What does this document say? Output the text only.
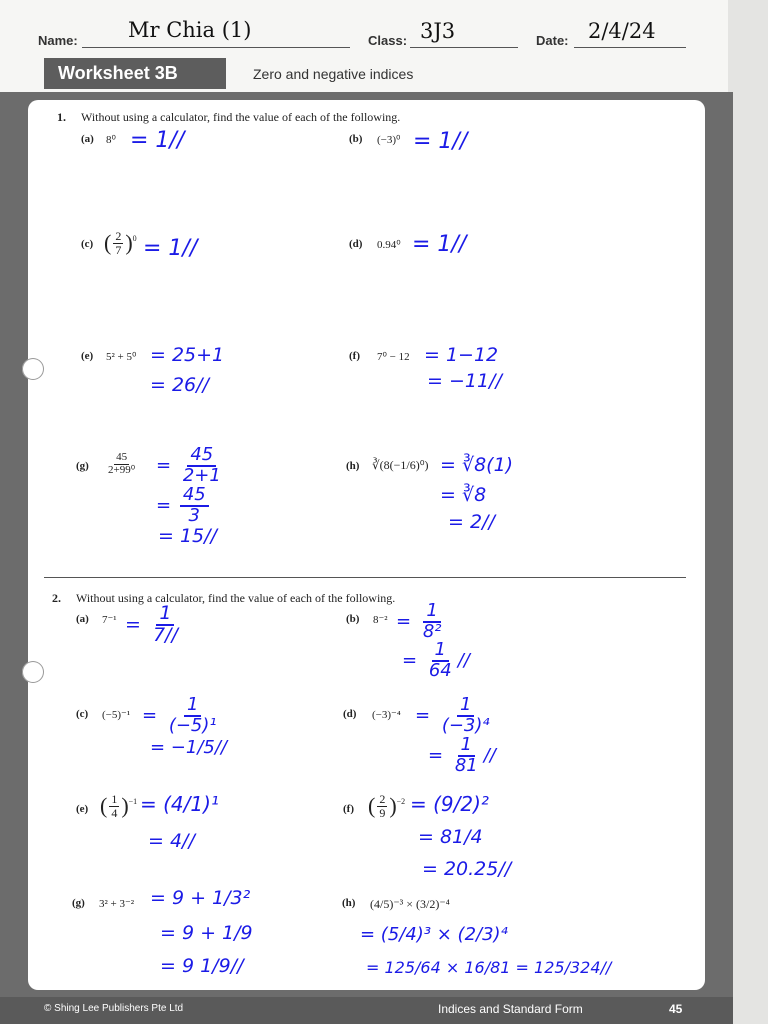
Name: Mr Chia (1)	Class: 3J3	Date: 2/4/24
Worksheet 3B	Zero and negative indices
1. Without using a calculator, find the value of each of the following.
(a) 8⁰ = 1//	(b) (−3)⁰ = 1//
(c) ( $\frac{2}{7} )^0 = 1//$	(d) 0.94⁰ = 1//
(e) 5² + 5⁰ = 25+1
= 26//
(f) 7⁰ − 12 = 1−12
= −11//
$(g) \frac{45}{\text{2+99⁰}} = \frac{45}{2+1}$
= $\frac{45}{3}$
= 15//
(h) ∛(8(−1/6)⁰) = ∛8(1)
= ∛8
= 2//
2. Without using a calculator, find the value of each of the following.
(a) $7^{-1} = \frac{1}{7//}$	(b) $8^{-2} = \frac{1}{\text{8²}}$
= $\frac{1}{64}$ //
(c) $(-5)^{-1} = \frac{1}{\text{(−5)¹}}$
= −1/5//
(d) $(-3)^{-4} = \frac{1}{\text{(−3)⁴}}$
= $\frac{1}{81}$ //
(e) ( $\frac{1}{4} )^{-1} = (4/1)^1$
= 4//
(f) ( $\frac{2}{9} )^{-2} = (9/2)^2$
= 81/4
= 20.25//
(g) 3² + 3⁻² = 9 + 1/3²
= 9 + 1/9
= 9 1/9//
(h) (4/5)⁻³ × (3/2)⁻⁴
= (5/4)³ × (2/3)⁴
= 125/64 × 16/81 = 125/324//
© Shing Lee Publishers Pte Ltd	Indices and Standard Form	45
